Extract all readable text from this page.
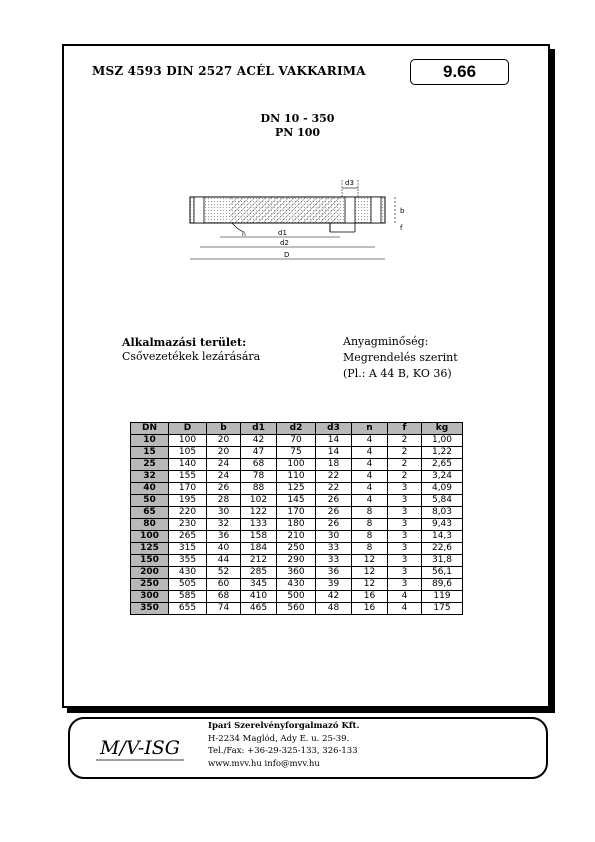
MSZ 4593 DIN 2527 ACÉL VAKKARIMA	9.66
DN 10 - 350
PN 100
d3
d1
d2
D
b
f
n
Alkalmazási terület:
Csővezetékek lezárására
Anyagminőség:
Megrendelés szerint
(Pl.: A 44 B, KO 36)
DN	D	b	d1	d2	d3	n	f	kg
10	100	20	42	70	14	4	2	1,00
15	105	20	47	75	14	4	2	1,22
25	140	24	68	100	18	4	2	2,65
32	155	24	78	110	22	4	2	3,24
40	170	26	88	125	22	4	3	4,09
50	195	28	102	145	26	4	3	5,84
65	220	30	122	170	26	8	3	8,03
80	230	32	133	180	26	8	3	9,43
100	265	36	158	210	30	8	3	14,3
125	315	40	184	250	33	8	3	22,6
150	355	44	212	290	33	12	3	31,8
200	430	52	285	360	36	12	3	56,1
250	505	60	345	430	39	12	3	89,6
300	585	68	410	500	42	16	4	119
350	655	74	465	560	48	16	4	175
M/V-ISG
Ipari Szerelvényforgalmazó Kft.
H-2234 Maglód, Ady E. u. 25-39.
Tel./Fax: +36-29-325-133, 326-133
www.mvv.hu info@mvv.hu
